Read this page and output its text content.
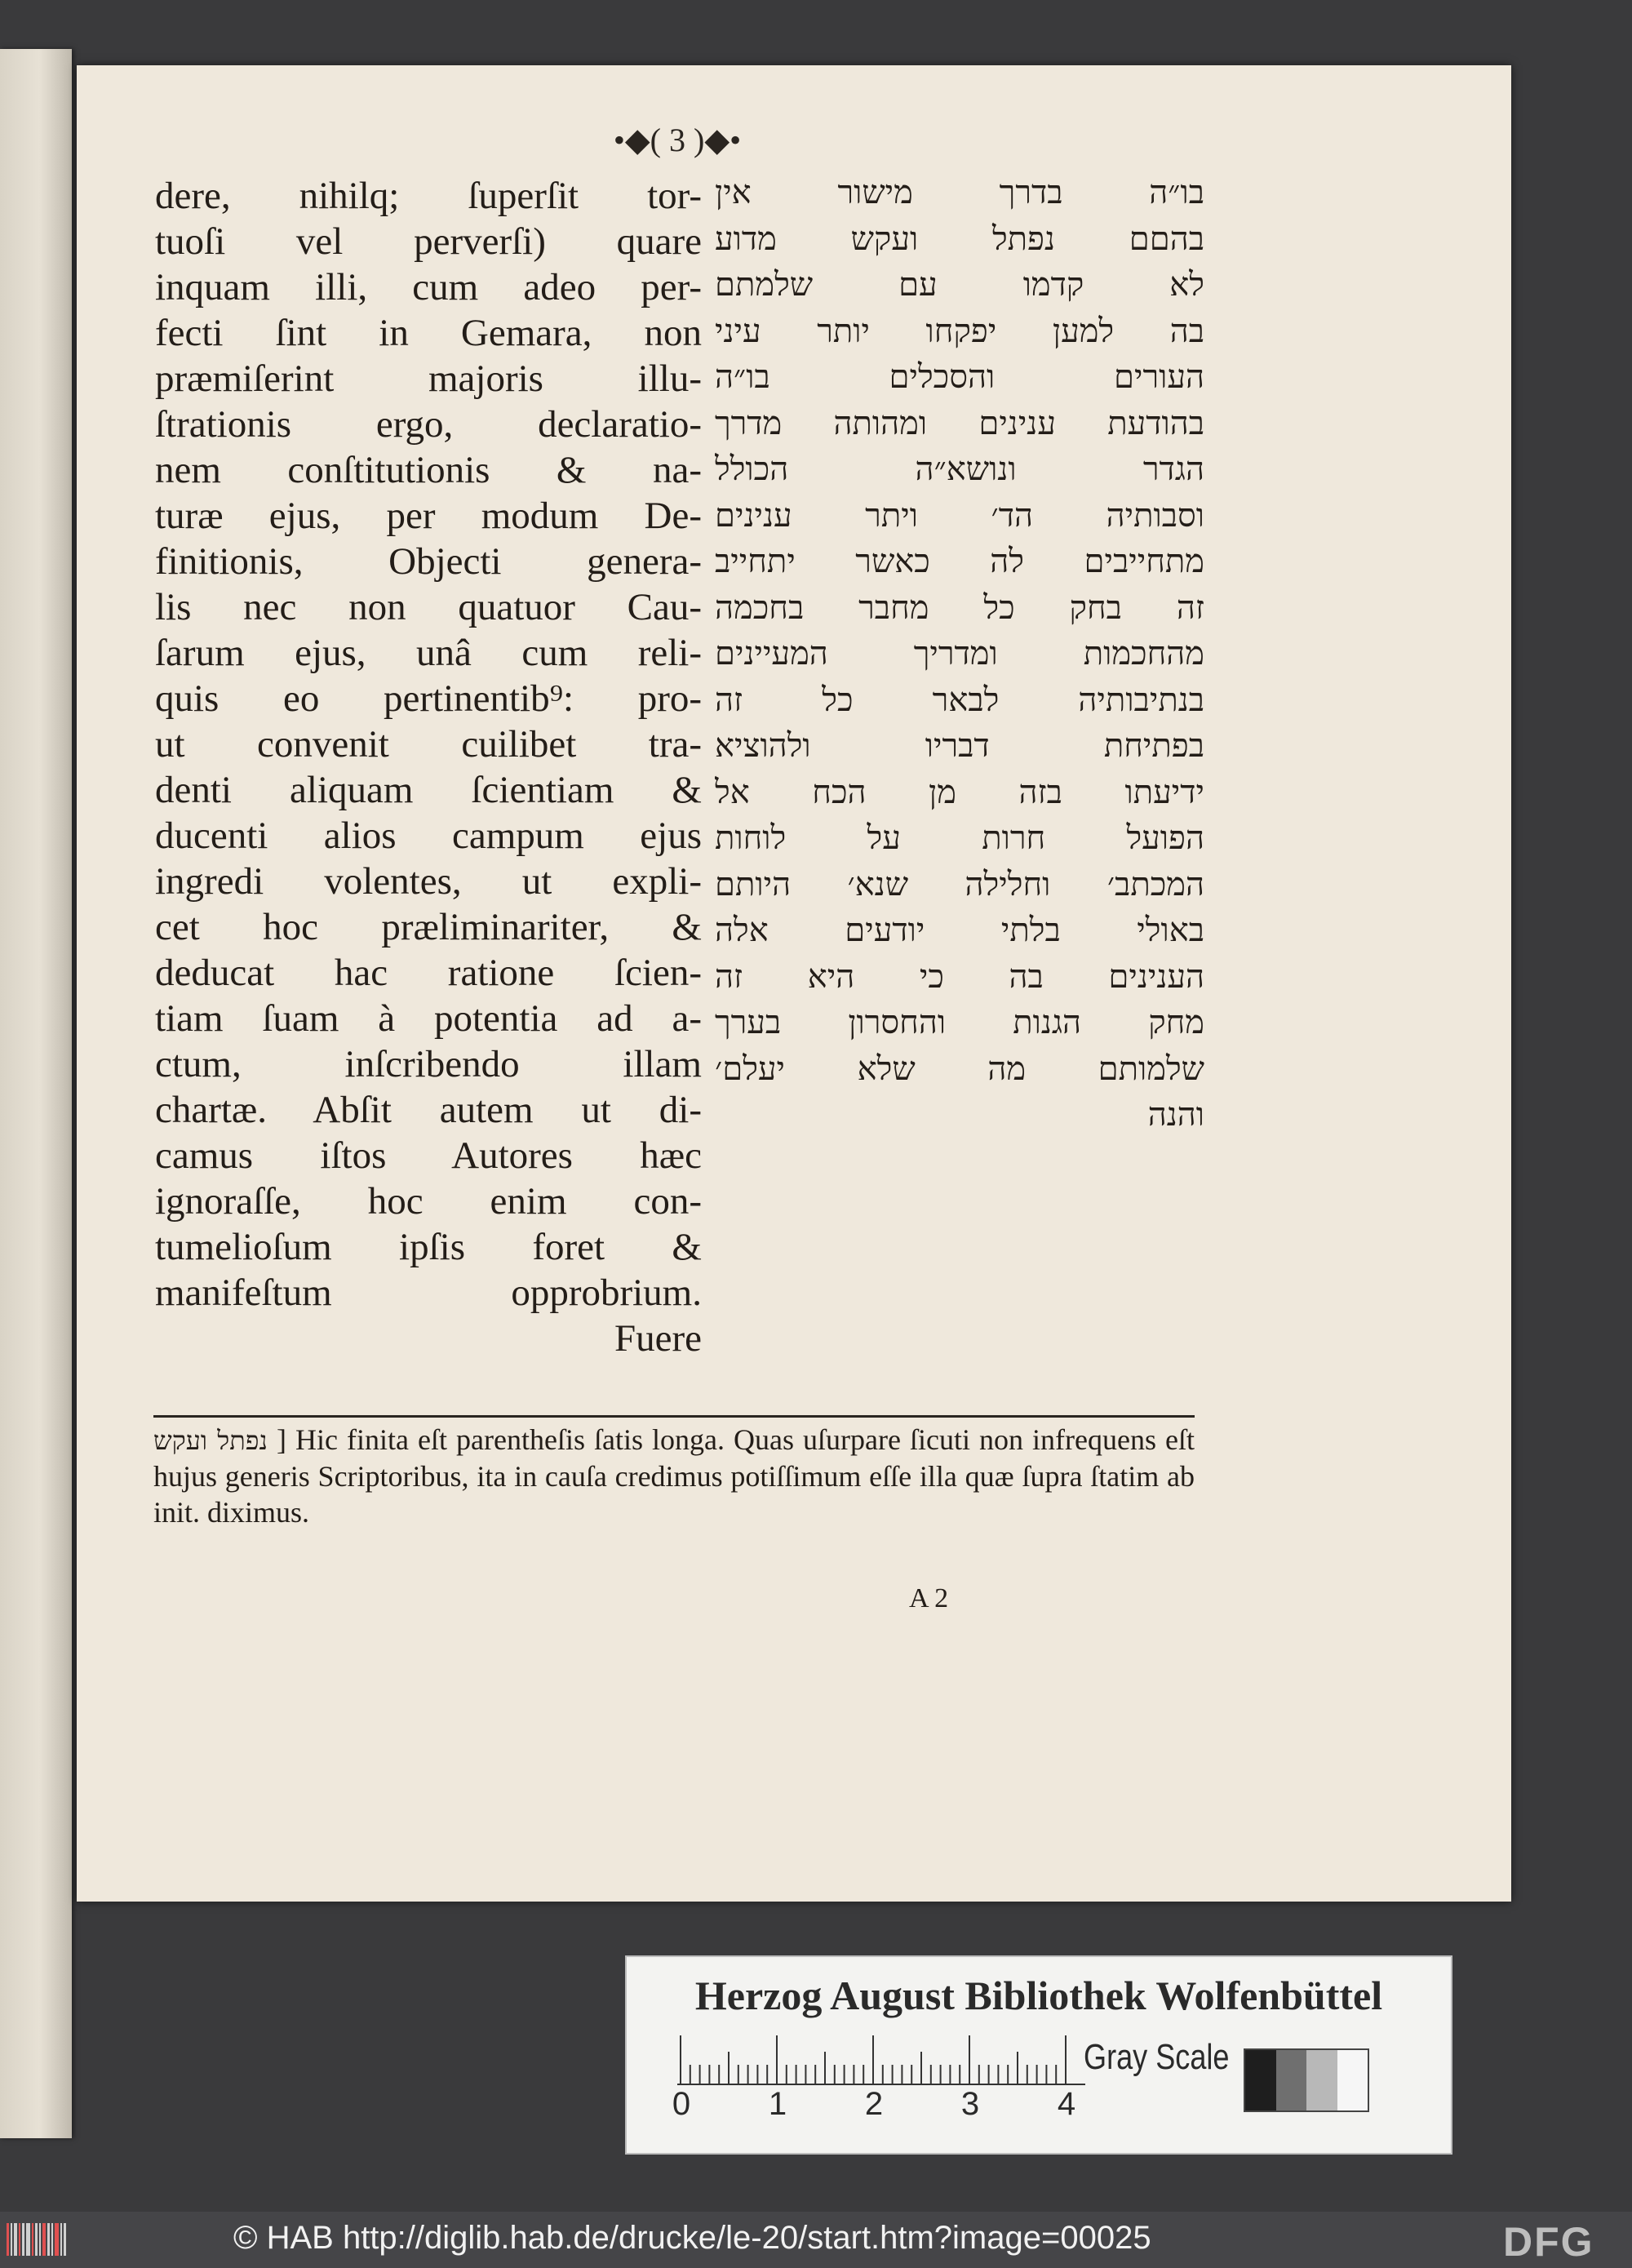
•◆( 3 )◆•
dere, nihilq; ſuperſit tor-
tuoſi vel perverſi) quare
inquam illi, cum adeo per-
fecti ſint in Gemara, non
præmiſerint majoris illu-
ſtrationis ergo, declaratio-
nem conſtitutionis & na-
turæ ejus, per modum De-
finitionis, Objecti genera-
lis nec non quatuor Cau-
ſarum ejus, unâ cum reli-
quis eo pertinentib⁹: pro-
ut convenit cuilibet tra-
denti aliquam ſcientiam &
ducenti alios campum ejus
ingredi volentes, ut expli-
cet hoc præliminariter, &
deducat hac ratione ſcien-
tiam ſuam à potentia ad a-
ctum, inſcribendo illam
chartæ. Abſit autem ut di-
camus iſtos Autores hæc
ignoraſſe, hoc enim con-
tumelioſum ipſis foret &
manifeſtum opprobrium.
Fuere
בו״ה בדרך מישור אין
בהםם נפתל ועקש מדוע
לא קדמו עם שלמתם
בה למען יפקחו יותר עיני
העורים והסכלים בו״ה
בהודעת ענינים ומהותה מדרך
הגדר ונושא״ה הכולל
וסבותיה הד׳ ויתר ענינים
מתחייבים לה כאשר יתחייב
זה בחק כל מחבר בחכמה
מהחכמות ומדריך המעיינים
בנתיבותיה לבאר כל זה
בפתיחת דבריו ולהוציא
ידיעתו בזה מן הכח אל
הפועל חרות על לוחות
המכתב׳ וחלילה שנא׳ היותם
באולי בלתי יודעים אלה
הענינים בה כי היא זה
מחק הגנות והחסרון בערך
שלמותם מה שלא יעלם׳
והנה
נפתל ועקש ] Hic finita eſt parentheſis ſatis longa. Quas uſurpare ſicuti non infrequens eſt hujus generis Scriptoribus, ita in cauſa credimus potiſſimum eſſe illa quæ ſupra ſtatim ab init. diximus.
A 2
Herzog August Bibliothek Wolfenbüttel
0 1 2 3 4
Gray Scale
© HAB http://diglib.hab.de/drucke/le-20/start.htm?image=00025	DFG
